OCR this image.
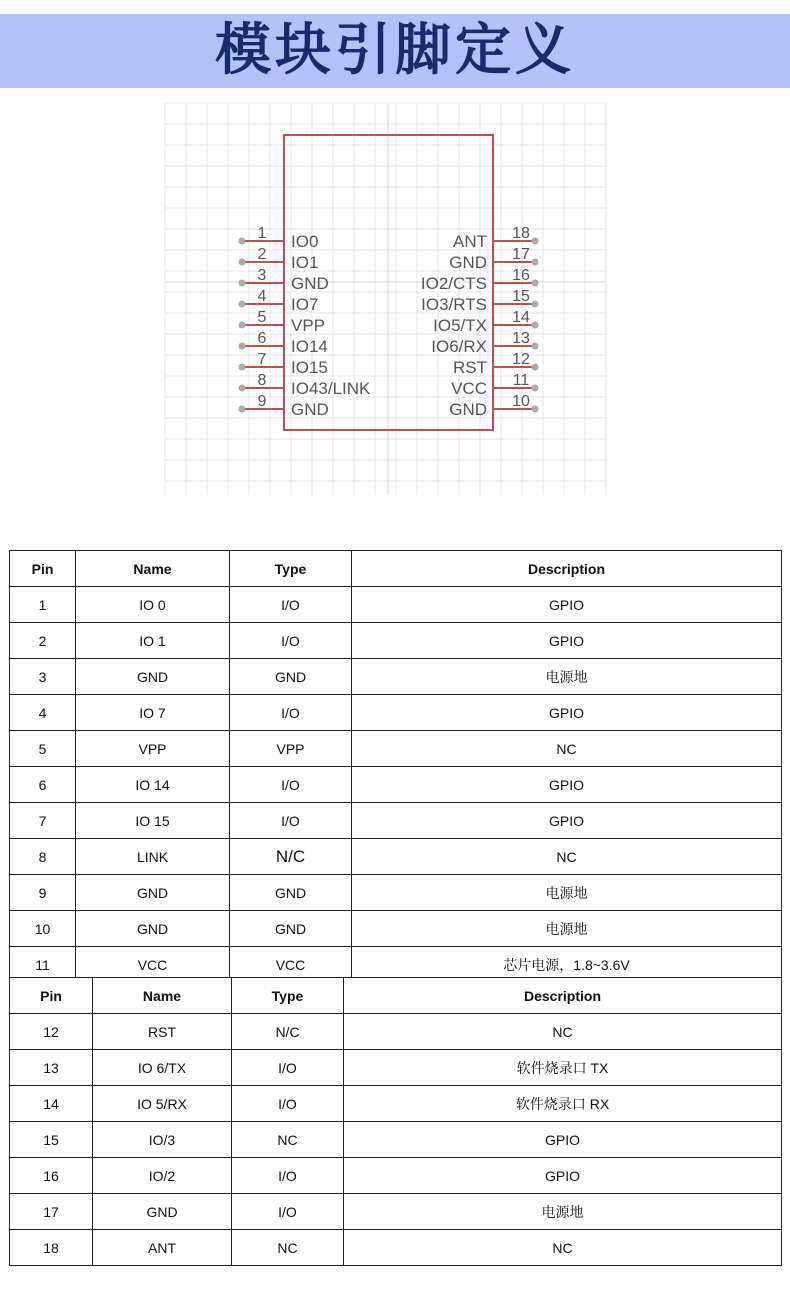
模块引脚定义
1 IO0
2 IO1
3 GND
4 IO7
5 VPP
6 IO14
7 IO15
8 IO43/LINK
9 GND
18
ANT
17
GND
16
IO2/CTS
15
IO3/RTS
14
IO5/TX
13
IO6/RX
12
RST
11
VCC
10
GND
Pin	Name	Type	Description
1	IO 0	I/O	GPIO
2	IO 1	I/O	GPIO
3	GND	GND	电源地
4	IO 7	I/O	GPIO
5	VPP	VPP	NC
6	IO 14	I/O	GPIO
7	IO 15	I/O	GPIO
8	LINK	N/C	NC
9	GND	GND	电源地
10	GND	GND	电源地
11	VCC	VCC	芯片电源，1.8~3.6V
Pin	Name	Type	Description
12	RST	N/C	NC
13	IO 6/TX	I/O	软件烧录口 TX
14	IO 5/RX	I/O	软件烧录口 RX
15	IO/3	NC	GPIO
16	IO/2	I/O	GPIO
17	GND	I/O	电源地
18	ANT	NC	NC
